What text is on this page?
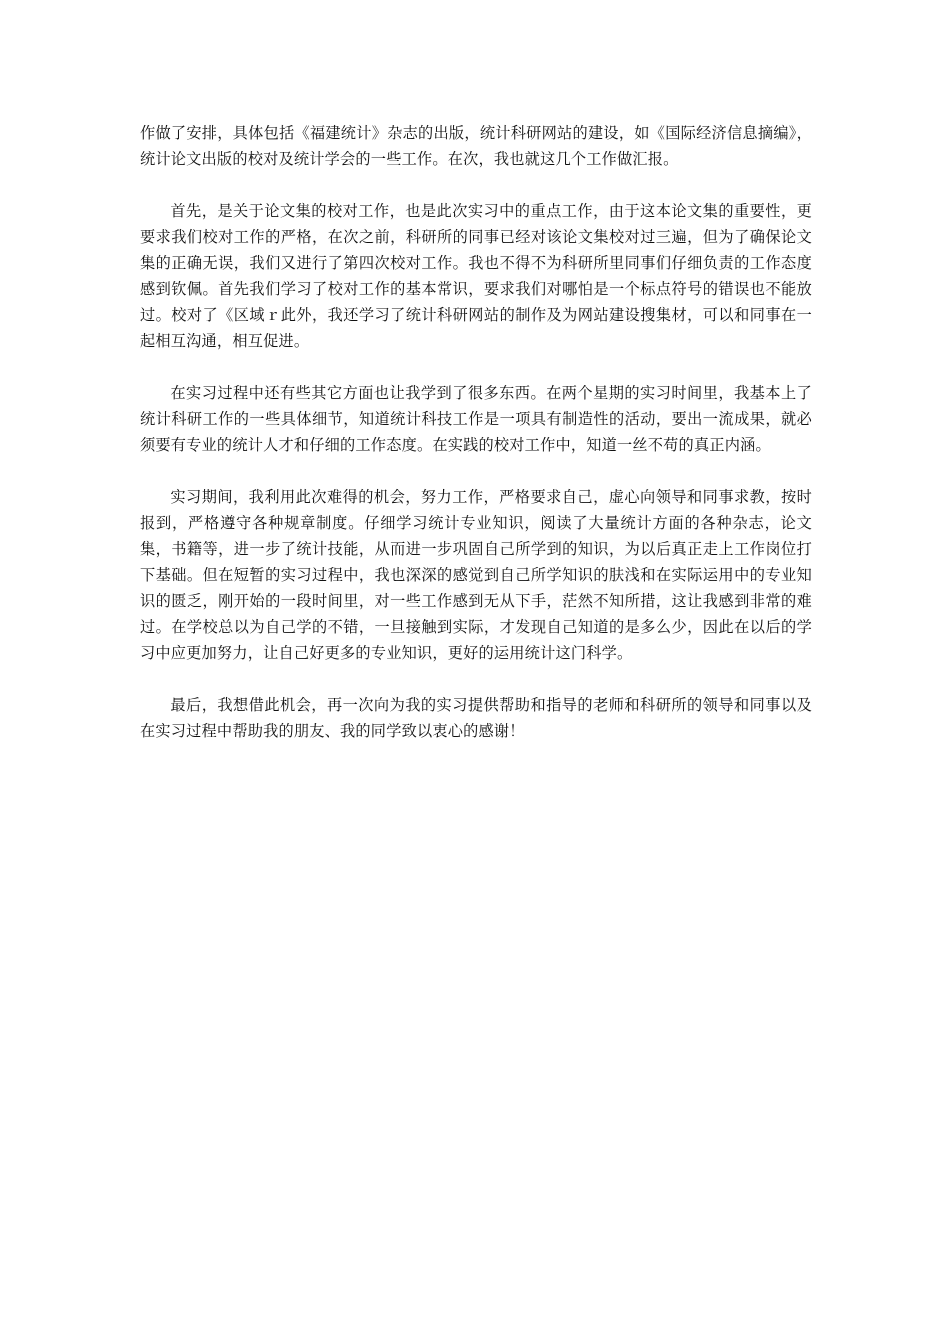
作做了安排，具体包括《福建统计》杂志的出版，统计科研网站的建设，如《国际经济信息摘编》，统计论文出版的校对及统计学会的一些工作。在次，我也就这几个工作做汇报。

首先，是关于论文集的校对工作，也是此次实习中的重点工作，由于这本论文集的重要性，更要求我们校对工作的严格，在次之前，科研所的同事已经对该论文集校对过三遍，但为了确保论文集的正确无误，我们又进行了第四次校对工作。我也不得不为科研所里同事们仔细负责的工作态度感到钦佩。首先我们学习了校对工作的基本常识，要求我们对哪怕是一个标点符号的错误也不能放过。校对了《区域ｒ此外，我还学习了统计科研网站的制作及为网站建设搜集材，可以和同事在一起相互沟通，相互促进。

在实习过程中还有些其它方面也让我学到了很多东西。在两个星期的实习时间里，我基本上了统计科研工作的一些具体细节，知道统计科技工作是一项具有制造性的活动，要出一流成果，就必须要有专业的统计人才和仔细的工作态度。在实践的校对工作中，知道一丝不苟的真正内涵。

实习期间，我利用此次难得的机会，努力工作，严格要求自己，虚心向领导和同事求教，按时报到，严格遵守各种规章制度。仔细学习统计专业知识，阅读了大量统计方面的各种杂志，论文集，书籍等，进一步了统计技能，从而进一步巩固自己所学到的知识，为以后真正走上工作岗位打下基础。但在短暂的实习过程中，我也深深的感觉到自己所学知识的肤浅和在实际运用中的专业知识的匮乏，刚开始的一段时间里，对一些工作感到无从下手，茫然不知所措，这让我感到非常的难过。在学校总以为自己学的不错，一旦接触到实际，才发现自己知道的是多么少，因此在以后的学习中应更加努力，让自己好更多的专业知识，更好的运用统计这门科学。

最后，我想借此机会，再一次向为我的实习提供帮助和指导的老师和科研所的领导和同事以及在实习过程中帮助我的朋友、我的同学致以衷心的感谢！
